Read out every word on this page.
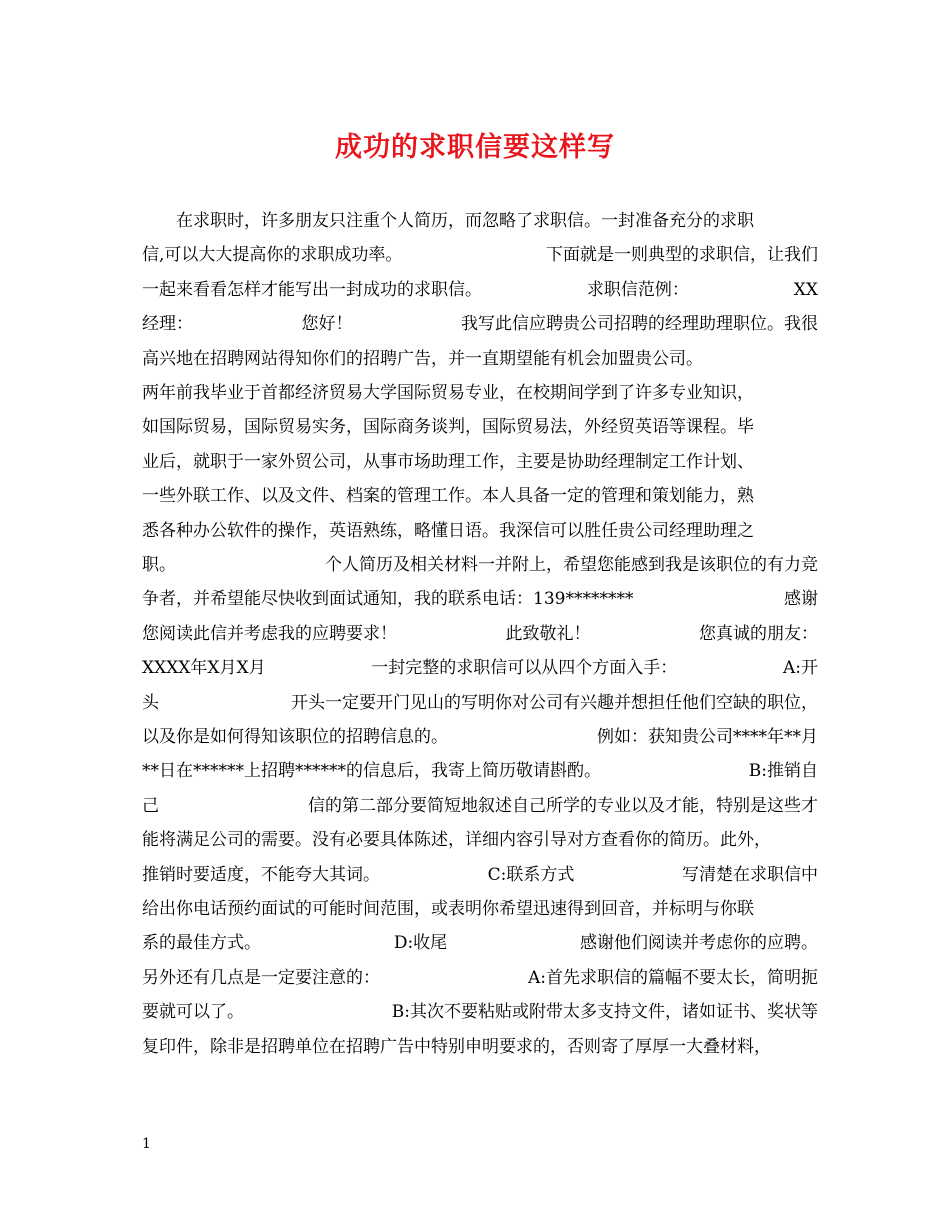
成功的求职信要这样写
在求职时，许多朋友只注重个人简历，而忽略了求职信。一封准备充分的求职
信,可以大大提高你的求职成功率。	下面就是一则典型的求职信，让我们
一起来看看怎样才能写出一封成功的求职信。	求职信范例：	XX
经理：	您好！	我写此信应聘贵公司招聘的经理助理职位。我很
高兴地在招聘网站得知你们的招聘广告，并一直期望能有机会加盟贵公司。
两年前我毕业于首都经济贸易大学国际贸易专业，在校期间学到了许多专业知识，
如国际贸易，国际贸易实务，国际商务谈判，国际贸易法，外经贸英语等课程。毕
业后，就职于一家外贸公司，从事市场助理工作，主要是协助经理制定工作计划、
一些外联工作、以及文件、档案的管理工作。本人具备一定的管理和策划能力，熟
悉各种办公软件的操作，英语熟练，略懂日语。我深信可以胜任贵公司经理助理之
职。	个人简历及相关材料一并附上，希望您能感到我是该职位的有力竞
争者，并希望能尽快收到面试通知，我的联系电话：139********	感谢
您阅读此信并考虑我的应聘要求！	此致敬礼！	您真诚的朋友：
XXXX年X月X月	一封完整的求职信可以从四个方面入手：	A:开
头	开头一定要开门见山的写明你对公司有兴趣并想担任他们空缺的职位，
以及你是如何得知该职位的招聘信息的。	例如：获知贵公司****年**月
**日在******上招聘******的信息后，我寄上简历敬请斟酌。	B:推销自
己	信的第二部分要简短地叙述自己所学的专业以及才能，特别是这些才
能将满足公司的需要。没有必要具体陈述，详细内容引导对方查看你的简历。此外，
推销时要适度，不能夸大其词。	C:联系方式	写清楚在求职信中
给出你电话预约面试的可能时间范围，或表明你希望迅速得到回音，并标明与你联
系的最佳方式。	D:收尾	感谢他们阅读并考虑你的应聘。
另外还有几点是一定要注意的：	A:首先求职信的篇幅不要太长，简明扼
要就可以了。	B:其次不要粘贴或附带太多支持文件，诸如证书、奖状等
复印件，除非是招聘单位在招聘广告中特别申明要求的，否则寄了厚厚一大叠材料，
1
